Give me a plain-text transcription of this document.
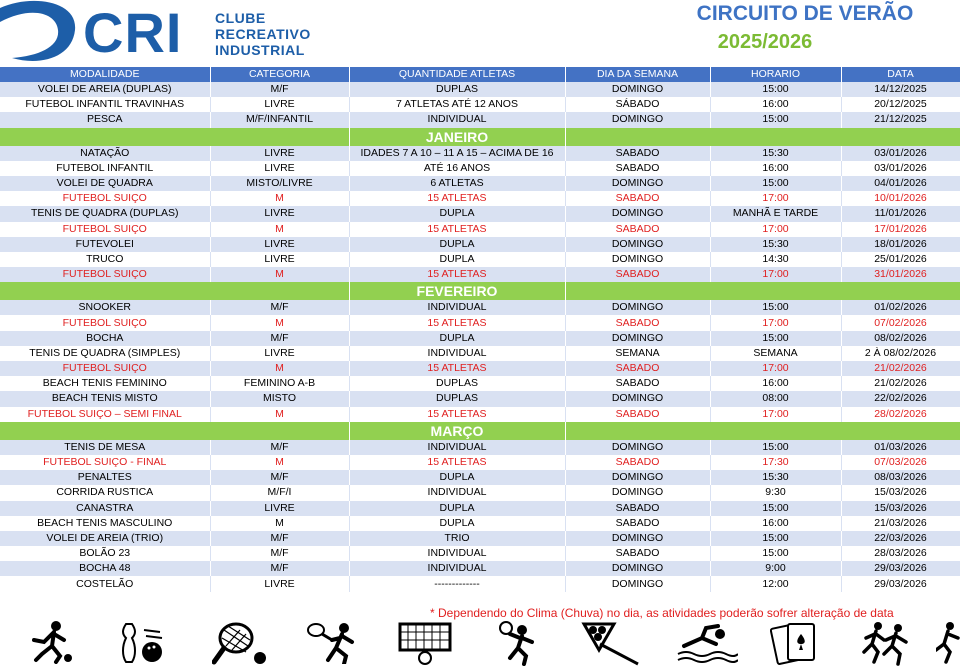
CRI CLUBE
RECREATIVO
INDUSTRIAL
CIRCUITO DE VERÃO
2025/2026
MODALIDADE	CATEGORIA	QUANTIDADE ATLETAS	DIA DA SEMANA	HORARIO	DATA
VOLEI DE AREIA (DUPLAS)	M/F	DUPLAS	DOMINGO	15:00	14/12/2025
FUTEBOL INFANTIL TRAVINHAS	LIVRE	7 ATLETAS ATÉ 12 ANOS	SÁBADO	16:00	20/12/2025
PESCA	M/F/INFANTIL	INDIVIDUAL	DOMINGO	15:00	21/12/2025
		JANEIRO			
NATAÇÃO	LIVRE	IDADES 7 A 10 – 11 A 15 – ACIMA DE 16	SABADO	15:30	03/01/2026
FUTEBOL INFANTIL	LIVRE	ATÉ 16 ANOS	SABADO	16:00	03/01/2026
VOLEI DE QUADRA	MISTO/LIVRE	6 ATLETAS	DOMINGO	15:00	04/01/2026
FUTEBOL SUIÇO	M	15 ATLETAS	SABADO	17:00	10/01/2026
TENIS DE QUADRA (DUPLAS)	LIVRE	DUPLA	DOMINGO	MANHÃ E TARDE	11/01/2026
FUTEBOL SUIÇO	M	15 ATLETAS	SABADO	17:00	17/01/2026
FUTEVOLEI	LIVRE	DUPLA	DOMINGO	15:30	18/01/2026
TRUCO	LIVRE	DUPLA	DOMINGO	14:30	25/01/2026
FUTEBOL SUIÇO	M	15 ATLETAS	SABADO	17:00	31/01/2026
		FEVEREIRO			
SNOOKER	M/F	INDIVIDUAL	DOMINGO	15:00	01/02/2026
FUTEBOL SUIÇO	M	15 ATLETAS	SABADO	17:00	07/02/2026
BOCHA	M/F	DUPLA	DOMINGO	15:00	08/02/2026
TENIS DE QUADRA (SIMPLES)	LIVRE	INDIVIDUAL	SEMANA	SEMANA	2 À 08/02/2026
FUTEBOL SUIÇO	M	15 ATLETAS	SABADO	17:00	21/02/2026
BEACH TENIS FEMININO	FEMININO A-B	DUPLAS	SABADO	16:00	21/02/2026
BEACH TENIS MISTO	MISTO	DUPLAS	DOMINGO	08:00	22/02/2026
FUTEBOL SUIÇO – SEMI FINAL	M	15 ATLETAS	SABADO	17:00	28/02/2026
		MARÇO			
TENIS DE MESA	M/F	INDIVIDUAL	DOMINGO	15:00	01/03/2026
FUTEBOL SUIÇO - FINAL	M	15 ATLETAS	SABADO	17:30	07/03/2026
PENALTES	M/F	DUPLA	DOMINGO	15:30	08/03/2026
CORRIDA RUSTICA	M/F/I	INDIVIDUAL	DOMINGO	9:30	15/03/2026
CANASTRA	LIVRE	DUPLA	SABADO	15:00	15/03/2026
BEACH TENIS MASCULINO	M	DUPLA	SABADO	16:00	21/03/2026
VOLEI DE AREIA (TRIO)	M/F	TRIO	DOMINGO	15:00	22/03/2026
BOLÃO 23	M/F	INDIVIDUAL	SABADO	15:00	28/03/2026
BOCHA 48	M/F	INDIVIDUAL	DOMINGO	9:00	29/03/2026
COSTELÃO	LIVRE	-------------	DOMINGO	12:00	29/03/2026
* Dependendo do Clima (Chuva) no dia, as atividades poderão sofrer alteração de data
